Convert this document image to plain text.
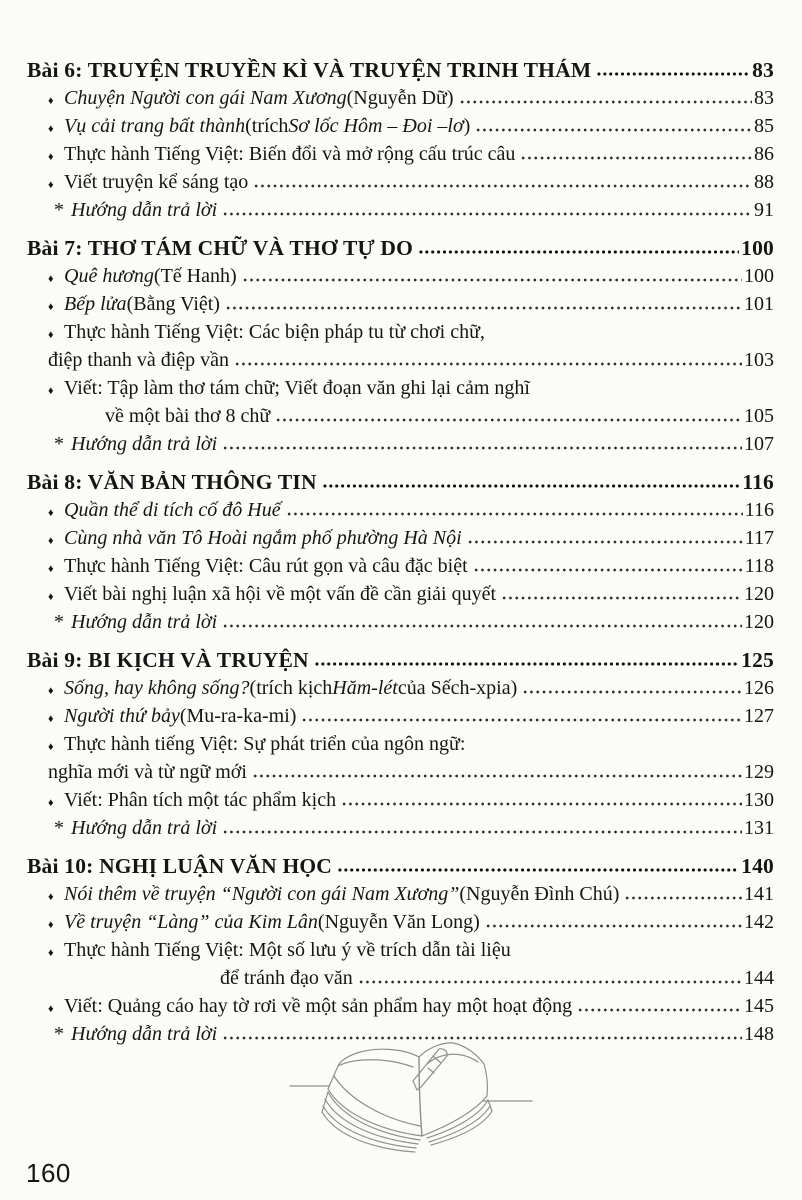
Bài 6: TRUYỆN TRUYỀN KÌ VÀ TRUYỆN TRINH THÁM	83
♦ Chuyện Người con gái Nam Xương (Nguyễn Dữ)	83
♦ Vụ cải trang bất thành (trích Sơ lốc Hôm – Đoi –lơ )	85
♦ Thực hành Tiếng Việt: Biến đổi và mở rộng cấu trúc câu	86
♦ Viết truyện kể sáng tạo	88
* Hướng dẫn trả lời	91
Bài 7: THƠ TÁM CHỮ VÀ THƠ TỰ DO	100
♦ Quê hương (Tế Hanh)	100
♦ Bếp lửa (Bằng Việt)	101
♦ Thực hành Tiếng Việt: Các biện pháp tu từ chơi chữ,
điệp thanh và điệp vần	103
♦ Viết: Tập làm thơ tám chữ; Viết đoạn văn ghi lại cảm nghĩ
về một bài thơ 8 chữ	105
* Hướng dẫn trả lời	107
Bài 8: VĂN BẢN THÔNG TIN	116
♦ Quần thể di tích cố đô Huế	116
♦ Cùng nhà văn Tô Hoài ngắm phố phường Hà Nội	117
♦ Thực hành Tiếng Việt: Câu rút gọn và câu đặc biệt	118
♦ Viết bài nghị luận xã hội về một vấn đề cần giải quyết	120
* Hướng dẫn trả lời	120
Bài 9: BI KỊCH VÀ TRUYỆN	125
♦ Sống, hay không sống? (trích kịch Hăm-lét của Sếch-xpia)	126
♦ Người thứ bảy (Mu-ra-ka-mi)	127
♦ Thực hành tiếng Việt: Sự phát triển của ngôn ngữ:
nghĩa mới và từ ngữ mới	129
♦ Viết: Phân tích một tác phẩm kịch	130
* Hướng dẫn trả lời	131
Bài 10: NGHỊ LUẬN VĂN HỌC	140
♦ Nói thêm về truyện “Người con gái Nam Xương” (Nguyễn Đình Chú)	141
♦ Về truyện “Làng” của Kim Lân (Nguyễn Văn Long)	142
♦ Thực hành Tiếng Việt: Một số lưu ý về trích dẫn tài liệu
để tránh đạo văn	144
♦ Viết: Quảng cáo hay tờ rơi về một sản phẩm hay một hoạt động	145
* Hướng dẫn trả lời	148
160
